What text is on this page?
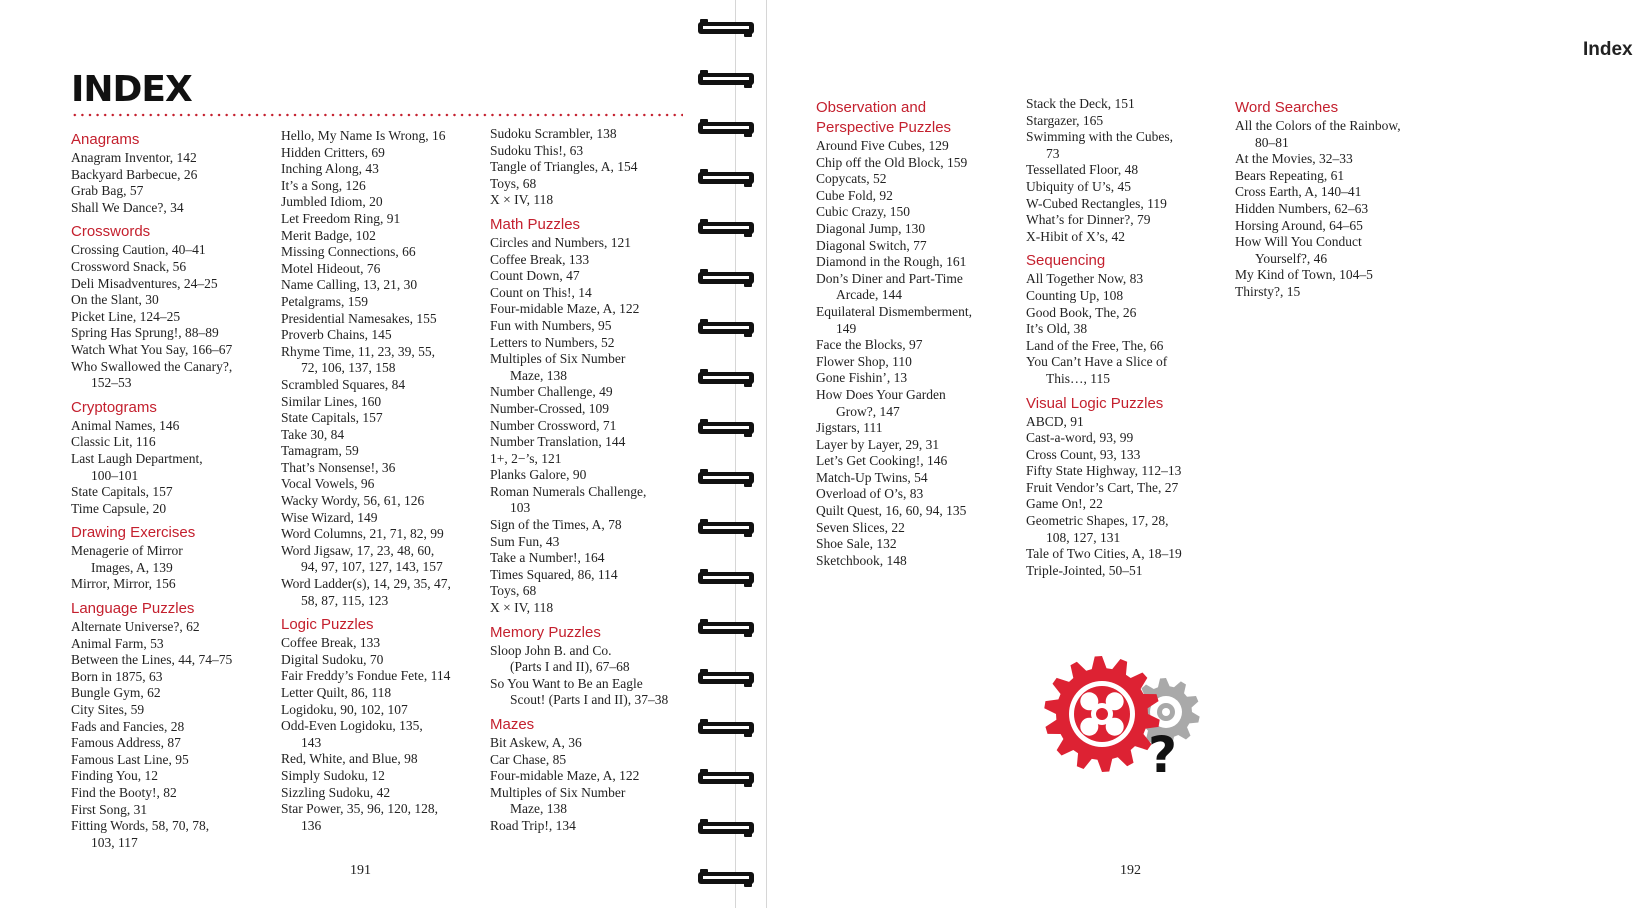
INDEX
Anagrams
Anagram Inventor, 142
Backyard Barbecue, 26
Grab Bag, 57
Shall We Dance?, 34
Crosswords
Crossing Caution, 40–41
Crossword Snack, 56
Deli Misadventures, 24–25
On the Slant, 30
Picket Line, 124–25
Spring Has Sprung!, 88–89
Watch What You Say, 166–67
Who Swallowed the Canary?,
152–53
Cryptograms
Animal Names, 146
Classic Lit, 116
Last Laugh Department,
100–101
State Capitals, 157
Time Capsule, 20
Drawing Exercises
Menagerie of Mirror
Images, A, 139
Mirror, Mirror, 156
Language Puzzles
Alternate Universe?, 62
Animal Farm, 53
Between the Lines, 44, 74–75
Born in 1875, 63
Bungle Gym, 62
City Sites, 59
Fads and Fancies, 28
Famous Address, 87
Famous Last Line, 95
Finding You, 12
Find the Booty!, 82
First Song, 31
Fitting Words, 58, 70, 78,
103, 117
Hello, My Name Is Wrong, 16
Hidden Critters, 69
Inching Along, 43
It’s a Song, 126
Jumbled Idiom, 20
Let Freedom Ring, 91
Merit Badge, 102
Missing Connections, 66
Motel Hideout, 76
Name Calling, 13, 21, 30
Petalgrams, 159
Presidential Namesakes, 155
Proverb Chains, 145
Rhyme Time, 11, 23, 39, 55,
72, 106, 137, 158
Scrambled Squares, 84
Similar Lines, 160
State Capitals, 157
Take 30, 84
Tamagram, 59
That’s Nonsense!, 36
Vocal Vowels, 96
Wacky Wordy, 56, 61, 126
Wise Wizard, 149
Word Columns, 21, 71, 82, 99
Word Jigsaw, 17, 23, 48, 60,
94, 97, 107, 127, 143, 157
Word Ladder(s), 14, 29, 35, 47,
58, 87, 115, 123
Logic Puzzles
Coffee Break, 133
Digital Sudoku, 70
Fair Freddy’s Fondue Fete, 114
Letter Quilt, 86, 118
Logidoku, 90, 102, 107
Odd-Even Logidoku, 135,
143
Red, White, and Blue, 98
Simply Sudoku, 12
Sizzling Sudoku, 42
Star Power, 35, 96, 120, 128,
136
Sudoku Scrambler, 138
Sudoku This!, 63
Tangle of Triangles, A, 154
Toys, 68
X × IV, 118
Math Puzzles
Circles and Numbers, 121
Coffee Break, 133
Count Down, 47
Count on This!, 14
Four-midable Maze, A, 122
Fun with Numbers, 95
Letters to Numbers, 52
Multiples of Six Number
Maze, 138
Number Challenge, 49
Number-Crossed, 109
Number Crossword, 71
Number Translation, 144
1+, 2−’s, 121
Planks Galore, 90
Roman Numerals Challenge,
103
Sign of the Times, A, 78
Sum Fun, 43
Take a Number!, 164
Times Squared, 86, 114
Toys, 68
X × IV, 118
Memory Puzzles
Sloop John B. and Co.
(Parts I and II), 67–68
So You Want to Be an Eagle
Scout! (Parts I and II), 37–38
Mazes
Bit Askew, A, 36
Car Chase, 85
Four-midable Maze, A, 122
Multiples of Six Number
Maze, 138
Road Trip!, 134
191
Index
192
Observation and
Perspective Puzzles
Around Five Cubes, 129
Chip off the Old Block, 159
Copycats, 52
Cube Fold, 92
Cubic Crazy, 150
Diagonal Jump, 130
Diagonal Switch, 77
Diamond in the Rough, 161
Don’s Diner and Part-Time
Arcade, 144
Equilateral Dismemberment,
149
Face the Blocks, 97
Flower Shop, 110
Gone Fishin’, 13
How Does Your Garden
Grow?, 147
Jigstars, 111
Layer by Layer, 29, 31
Let’s Get Cooking!, 146
Match-Up Twins, 54
Overload of O’s, 83
Quilt Quest, 16, 60, 94, 135
Seven Slices, 22
Shoe Sale, 132
Sketchbook, 148
Stack the Deck, 151
Stargazer, 165
Swimming with the Cubes,
73
Tessellated Floor, 48
Ubiquity of U’s, 45
W-Cubed Rectangles, 119
What’s for Dinner?, 79
X-Hibit of X’s, 42
Sequencing
All Together Now, 83
Counting Up, 108
Good Book, The, 26
It’s Old, 38
Land of the Free, The, 66
You Can’t Have a Slice of
This…, 115
Visual Logic Puzzles
ABCD, 91
Cast-a-word, 93, 99
Cross Count, 93, 133
Fifty State Highway, 112–13
Fruit Vendor’s Cart, The, 27
Game On!, 22
Geometric Shapes, 17, 28,
108, 127, 131
Tale of Two Cities, A, 18–19
Triple-Jointed, 50–51
Word Searches
All the Colors of the Rainbow,
80–81
At the Movies, 32–33
Bears Repeating, 61
Cross Earth, A, 140–41
Hidden Numbers, 62–63
Horsing Around, 64–65
How Will You Conduct
Yourself?, 46
My Kind of Town, 104–5
Thirsty?, 15
?
